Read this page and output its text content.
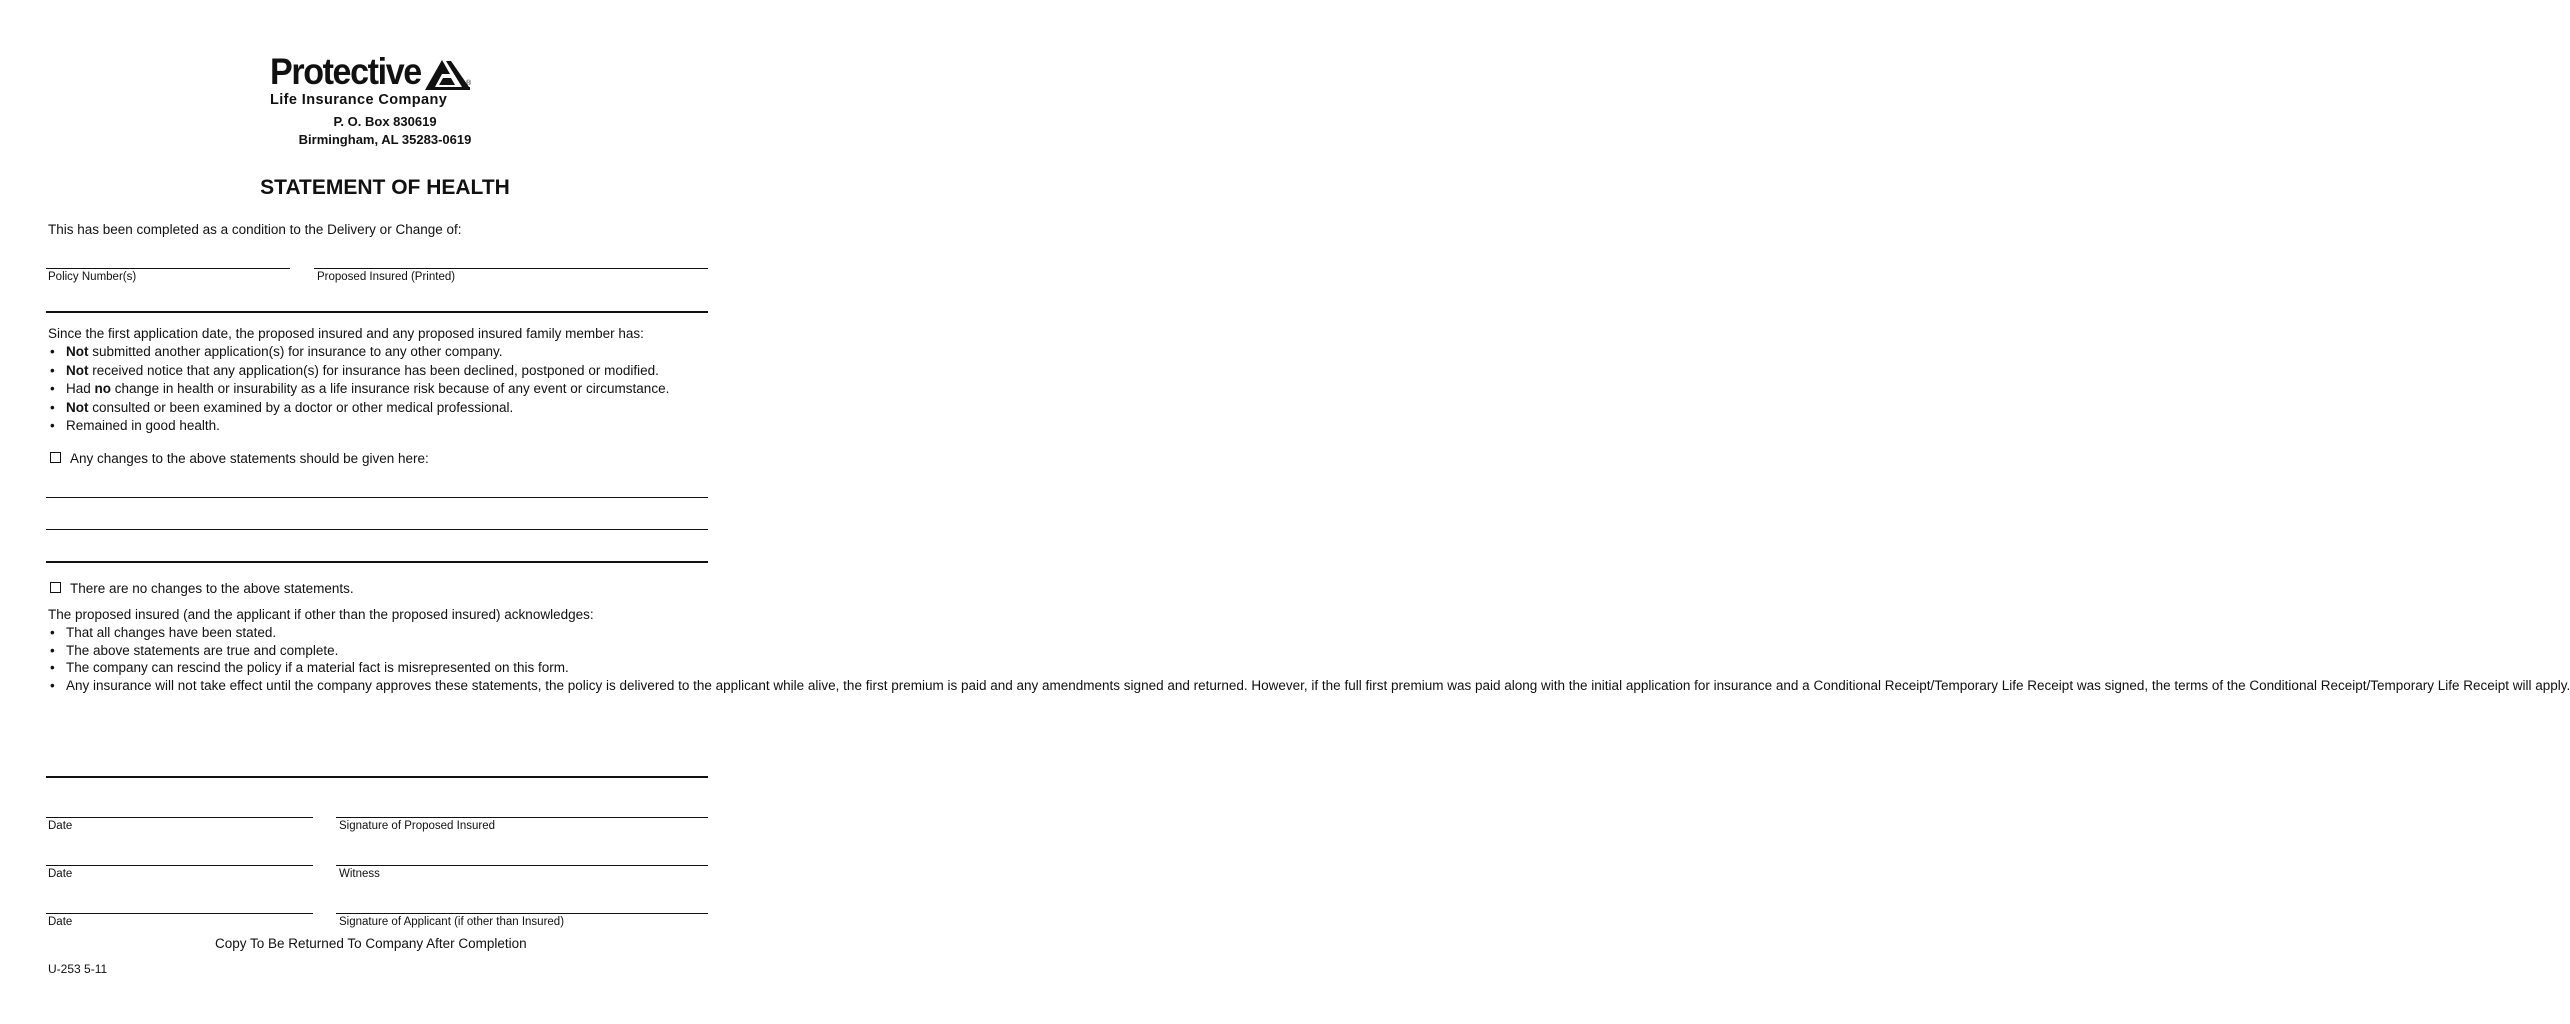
Protective	®
Life Insurance Company
P. O. Box 830619
Birmingham, AL 35283-0619
STATEMENT OF HEALTH
This has been completed as a condition to the Delivery or Change of:
Policy Number(s)	Proposed Insured (Printed)
Since the first application date, the proposed insured and any proposed insured family member has:
• Not submitted another application(s) for insurance to any other company.
• Not received notice that any application(s) for insurance has been declined, postponed or modified.
• Had no change in health or insurability as a life insurance risk because of any event or circumstance.
• Not consulted or been examined by a doctor or other medical professional.
• Remained in good health.
Any changes to the above statements should be given here:
There are no changes to the above statements.
The proposed insured (and the applicant if other than the proposed insured) acknowledges:
• That all changes have been stated.
• The above statements are true and complete.
• The company can rescind the policy if a material fact is misrepresented on this form.
• Any insurance will not take effect until the company approves these statements, the policy is delivered to the applicant while alive, the first premium is paid and any amendments signed and returned. However, if the full first premium was paid along with the initial application for insurance and a Conditional Receipt/Temporary Life Receipt was signed, the terms of the Conditional Receipt/Temporary Life Receipt will apply.
Date	Signature of Proposed Insured
Date	Witness
Date	Signature of Applicant (if other than Insured)
Copy To Be Returned To Company After Completion
U-253 5-11
